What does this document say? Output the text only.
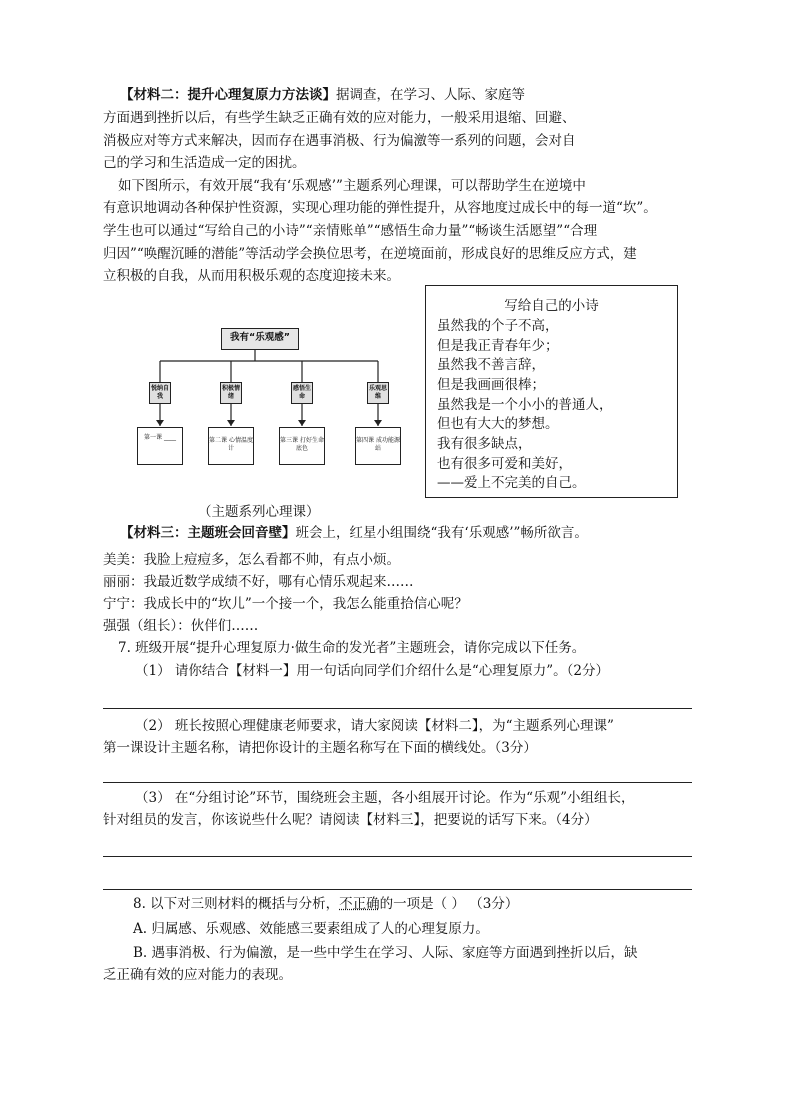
【材料二：提升心理复原力方法谈】据调查，在学习、人际、家庭等
方面遇到挫折以后，有些学生缺乏正确有效的应对能力，一般采用退缩、回避、
消极应对等方式来解决，因而存在遇事消极、行为偏激等一系列的问题，会对自
己的学习和生活造成一定的困扰。
如下图所示，有效开展“我有‘乐观感’”主题系列心理课，可以帮助学生在逆境中
有意识地调动各种保护性资源，实现心理功能的弹性提升，从容地度过成长中的每一道“坎”。
学生也可以通过“写给自己的小诗”“亲情账单”“感悟生命力量”“畅谈生活愿望”“合理
归因”“唤醒沉睡的潜能”等活动学会换位思考，在逆境面前，形成良好的思维反应方式，建
立积极的自我，从而用积极乐观的态度迎接未来。
我有“乐观感”
悦纳自我
积极情绪
感悟生命
乐观思维
第一课 ____	第二课 心情温度计
第三课 打好生命底色
第四课 成功能源站
（主题系列心理课）
写给自己的小诗
虽然我的个子不高，
但是我正青春年少；
虽然我不善言辞，
但是我画画很棒；
虽然我是一个小小的普通人，
但也有大大的梦想。
我有很多缺点，
也有很多可爱和美好，
——爱上不完美的自己。
【材料三：主题班会回音壁】班会上，红星小组围绕“我有‘乐观感’”畅所欲言。
美美：我脸上痘痘多，怎么看都不帅，有点小烦。
丽丽：我最近数学成绩不好，哪有心情乐观起来……
宁宁：我成长中的“坎儿”一个接一个，我怎么能重拾信心呢？
强强（组长）：伙伴们……
7. 班级开展“提升心理复原力·做生命的发光者”主题班会，请你完成以下任务。
（1） 请你结合【材料一】用一句话向同学们介绍什么是“心理复原力”。（2分）
（2） 班长按照心理健康老师要求，请大家阅读【材料二】，为“主题系列心理课”
第一课设计主题名称，请把你设计的主题名称写在下面的横线处。（3分）
（3） 在“分组讨论”环节，围绕班会主题，各小组展开讨论。作为“乐观”小组组长，
针对组员的发言，你该说些什么呢？请阅读【材料三】，把要说的话写下来。（4分）
8. 以下对三则材料的概括与分析，不正确的一项是（ ） （3分）
A. 归属感、乐观感、效能感三要素组成了人的心理复原力。
B. 遇事消极、行为偏激，是一些中学生在学习、人际、家庭等方面遇到挫折以后，缺
乏正确有效的应对能力的表现。
